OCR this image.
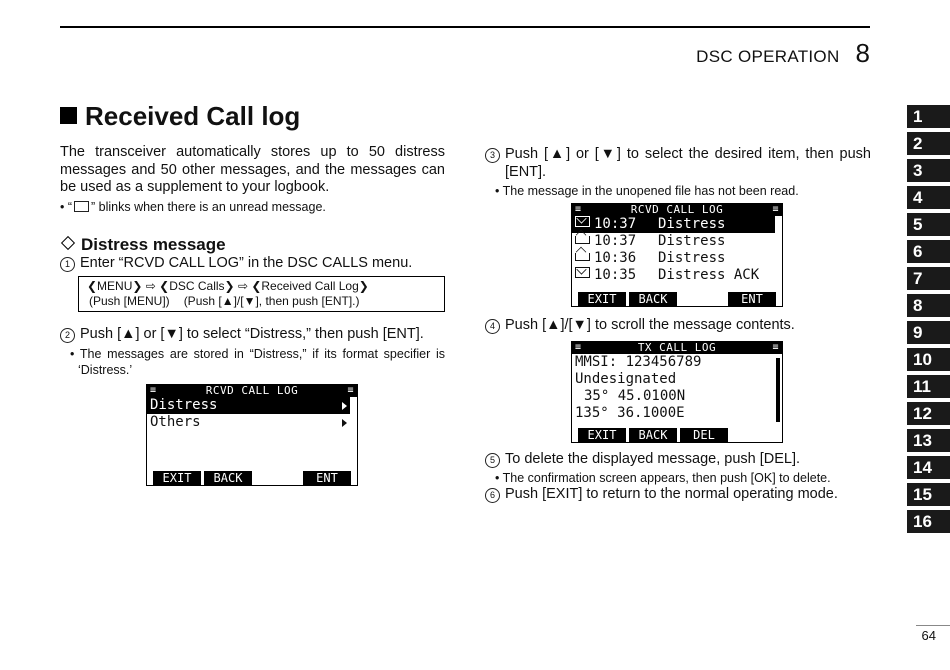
DSC OPERATION 8
Received Call log

The transceiver automatically stores up to 50 distress messages and 50 other messages, and the messages can be used as a supplement to your logbook.

• “ ” blinks when there is an unread message.

Distress message
1 Enter “RCVD CALL LOG” in the DSC CALLS menu.
❮MENU❯ ⇨ ❮DSC Calls❯ ⇨ ❮Received Call Log❯
(Push [MENU]) (Push [▲]/[▼], then push [ENT].)
2 Push [▲] or [▼] to select “Distress,” then push [ENT].

• The messages are stored in “Distress,” if its format specifier is ‘Distress.’

≡	RCVD CALL LOG	≡
Distress
Others
EXIT	BACK	ENT
3 Push [▲] or [▼] to select the desired item, then push [ENT].

• The message in the unopened file has not been read.

≡	RCVD CALL LOG	≡
10:37 Distress
10:37 Distress
10:36 Distress
10:35 Distress ACK
EXIT	BACK	ENT
4 Push [▲]/[▼] to scroll the message contents.
≡	TX CALL LOG	≡
MMSI: 123456789
Undesignated
35° 45.0100N
135° 36.1000E
EXIT	BACK	DEL
5 To delete the displayed message, push [DEL].

• The confirmation screen appears, then push [OK] to delete.

6 Push [EXIT] to return to the normal operating mode.
1
2
3
4
5
6
7
8
9
10
11
12
13
14
15
16
64
